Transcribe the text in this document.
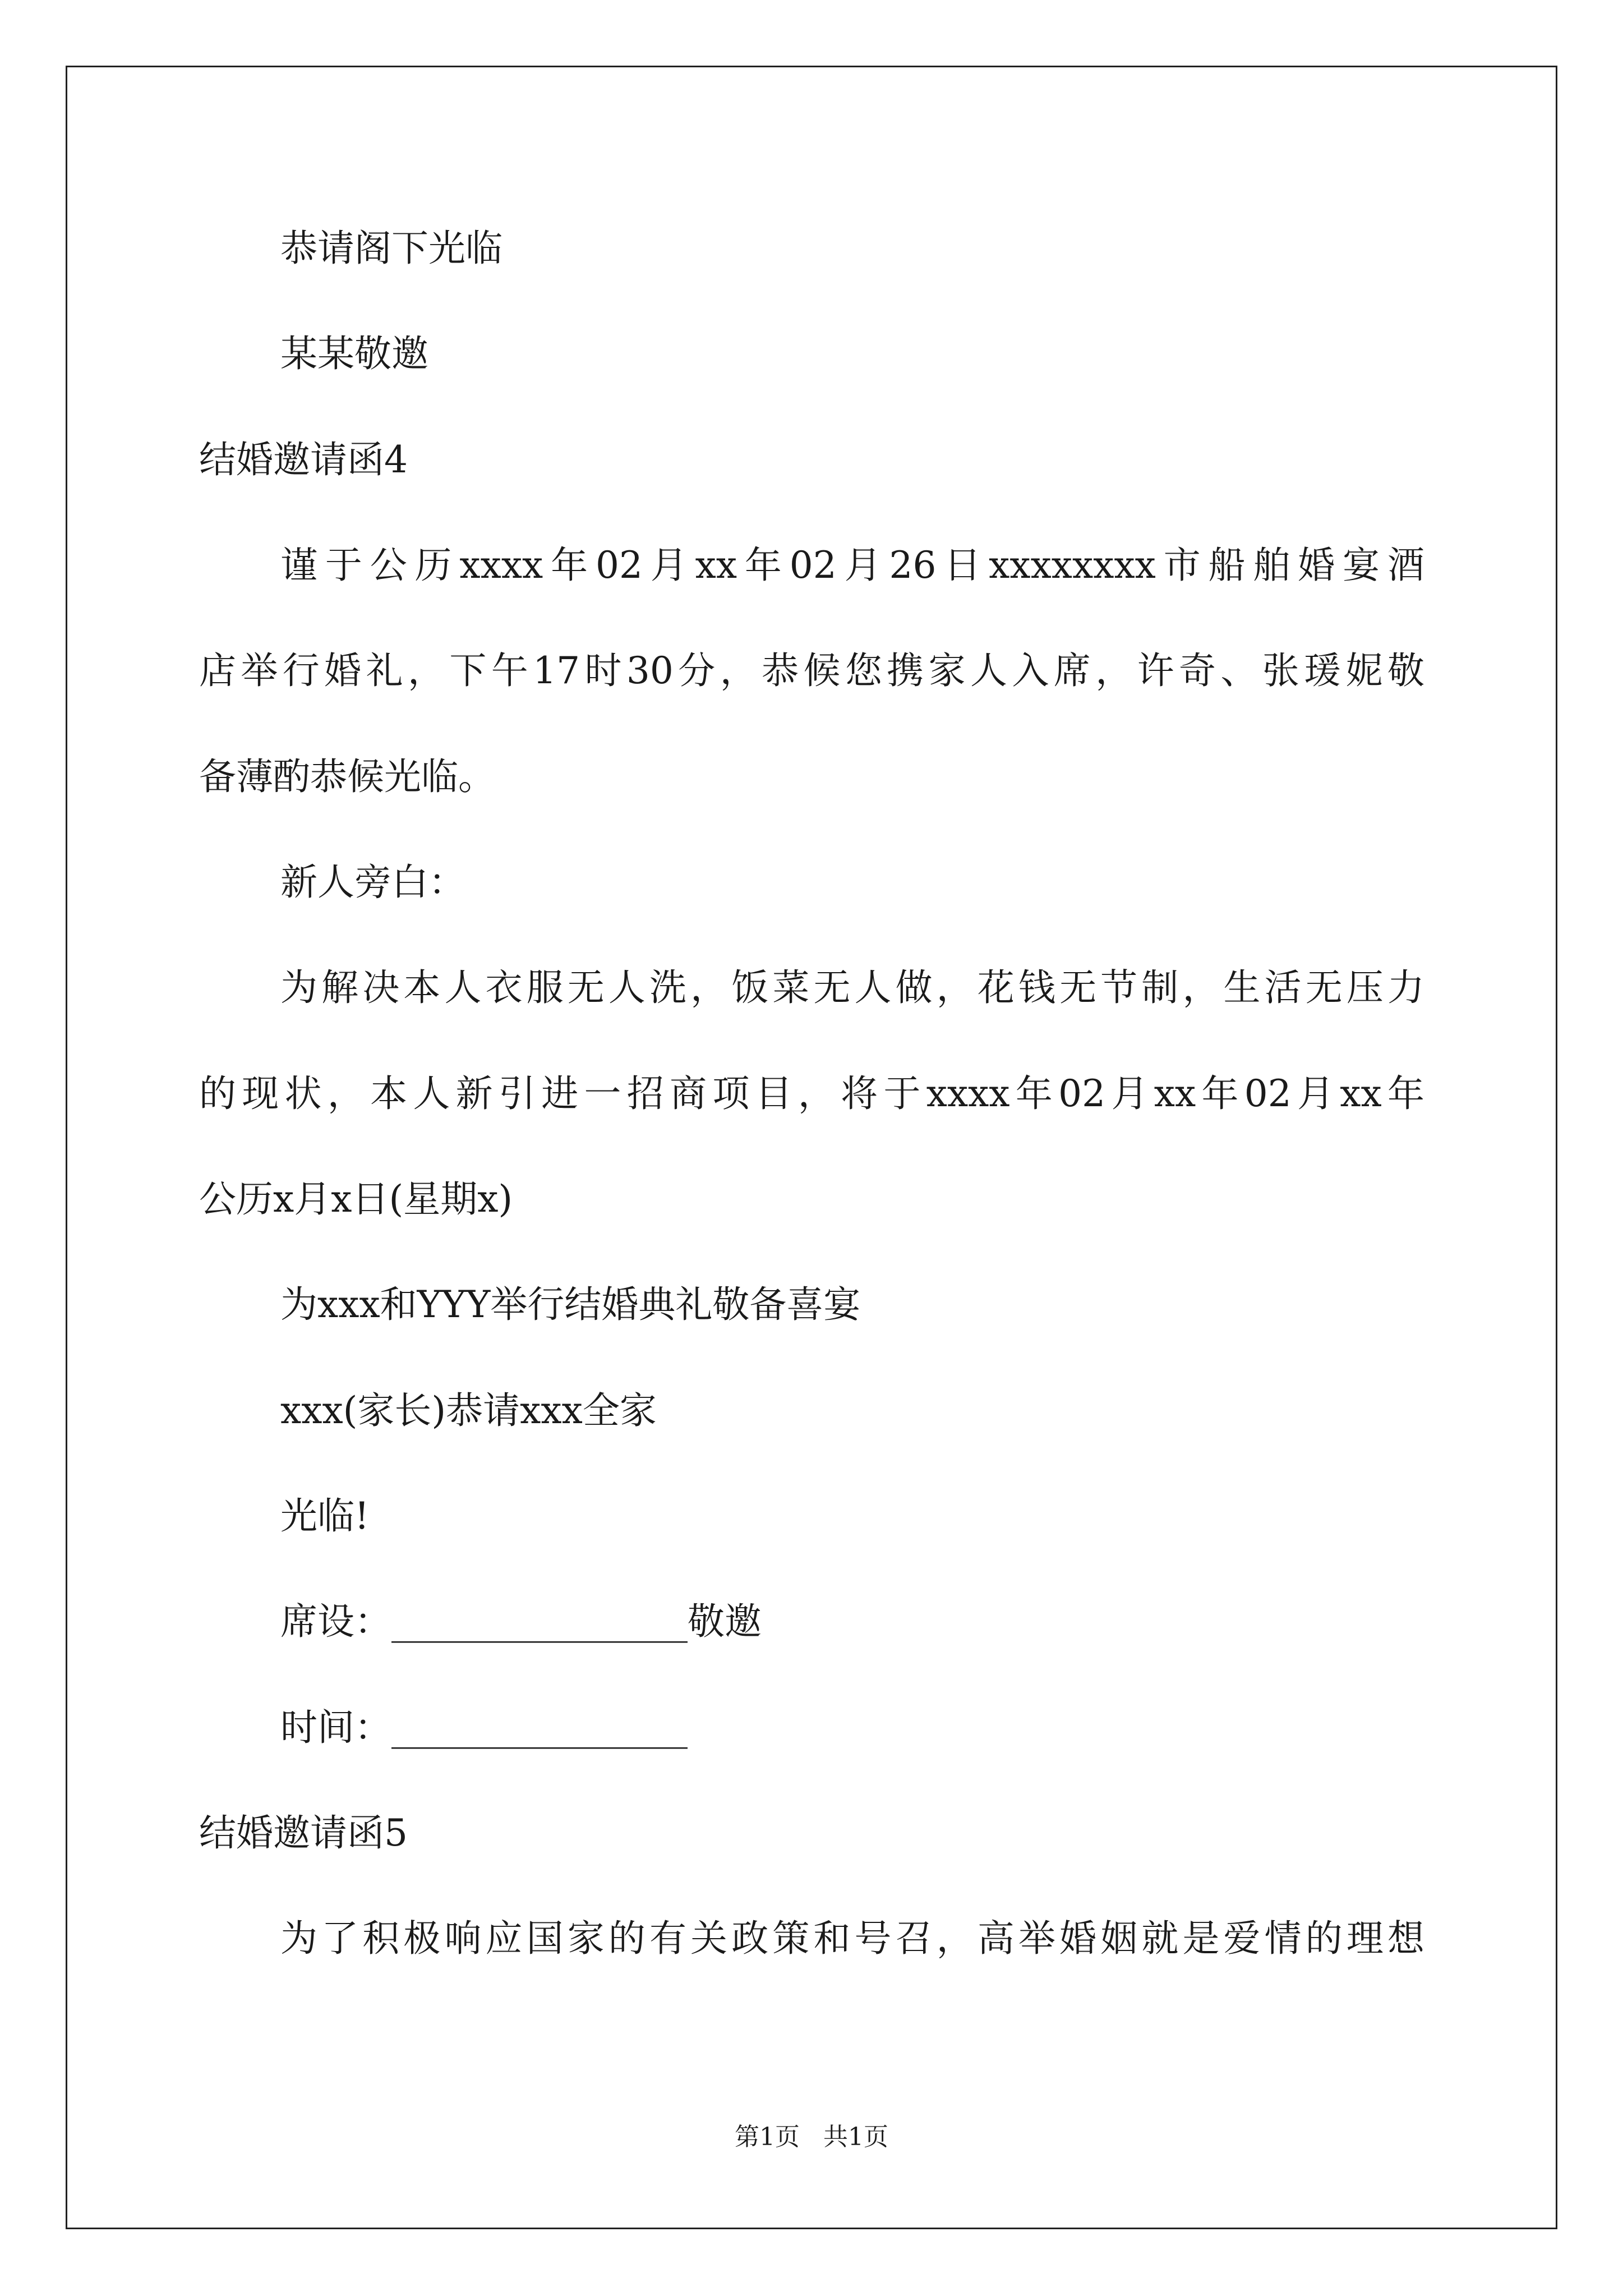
恭请阁下光临
某某敬邀
结婚邀请函4
谨于公历xxxx年02月xx年02月26日xxxxxxxx市船舶婚宴酒
店举行婚礼，下午17时30分，恭候您携家人入席，许奇、张瑗妮敬
备薄酌恭候光临。
新人旁白：
为解决本人衣服无人洗，饭菜无人做，花钱无节制，生活无压力
的现状，本人新引进一招商项目，将于xxxx年02月xx年02月xx年
公历x月x日(星期x)
为xxx和YYY举行结婚典礼敬备喜宴
xxx(家长)恭请xxx全家
光临!
席设：________________敬邀
时间：________________
结婚邀请函5
为了积极响应国家的有关政策和号召，高举婚姻就是爱情的理想
第1页 共1页
